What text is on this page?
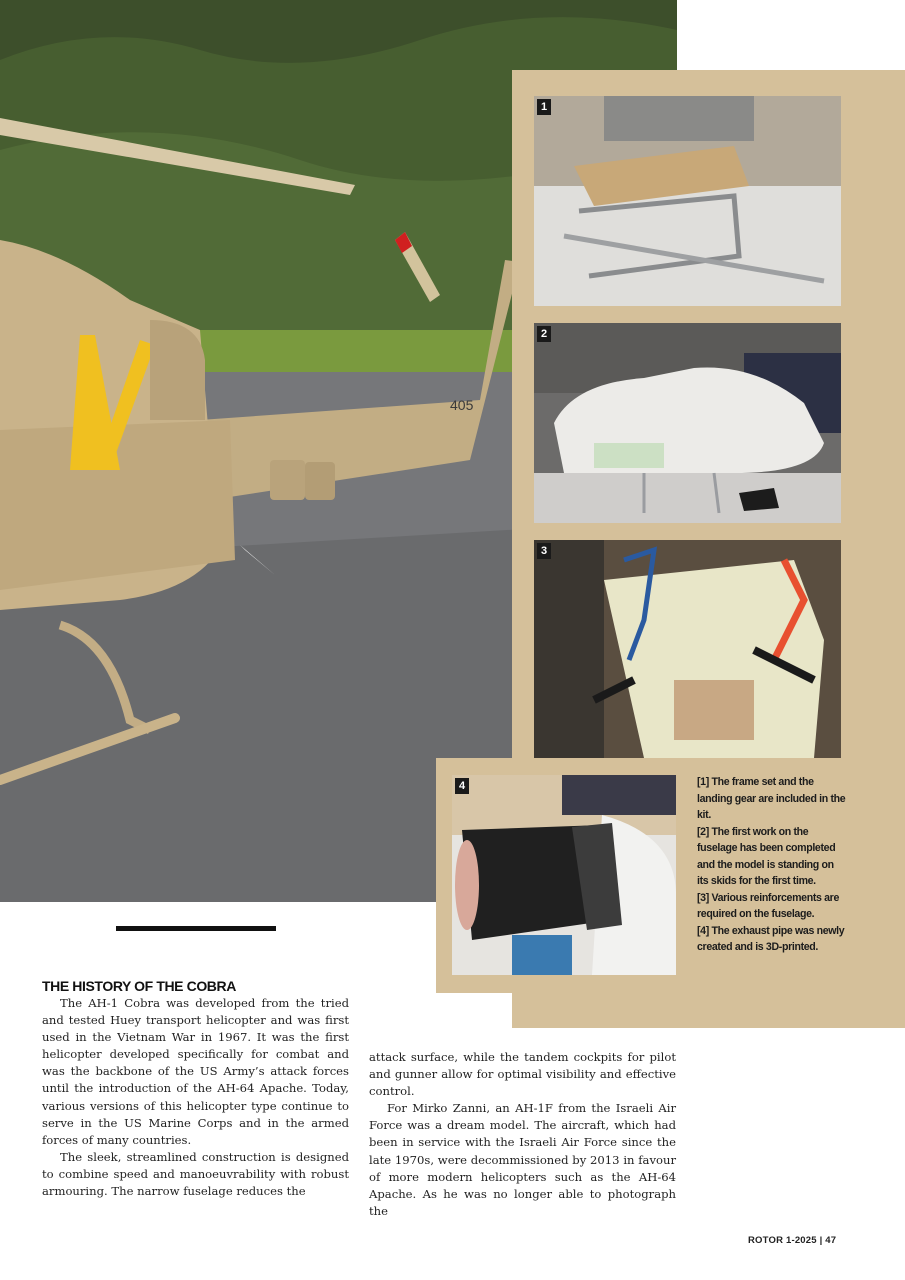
405
1
2
3
4	[1] The frame set and the landing gear are included in the kit.
[2] The first work on the fuselage has been completed and the model is standing on its skids for the first time.
[3] Various reinforcements are required on the fuselage.
[4] The exhaust pipe was newly created and is 3D-printed.
THE HISTORY OF THE COBRA

The AH-1 Cobra was developed from the tried and tested Huey transport helicopter and was first used in the Vietnam War in 1967. It was the first helicopter developed specifically for combat and was the backbone of the US Army’s attack forces until the introduction of the AH-64 Apache. Today, various versions of this helicopter type continue to serve in the US Marine Corps and in the armed forces of many countries.

The sleek, streamlined construction is designed to combine speed and manoeuvrability with robust armouring. The narrow fuselage reduces the

attack surface, while the tandem cockpits for pilot and gunner allow for optimal visibility and effective control.

For Mirko Zanni, an AH-1F from the Israeli Air Force was a dream model. The aircraft, which had been in service with the Israeli Air Force since the late 1970s, were decommissioned by 2013 in favour of more modern helicopters such as the AH-64 Apache. As he was no longer able to photograph the

ROTOR 1-2025 | 47
